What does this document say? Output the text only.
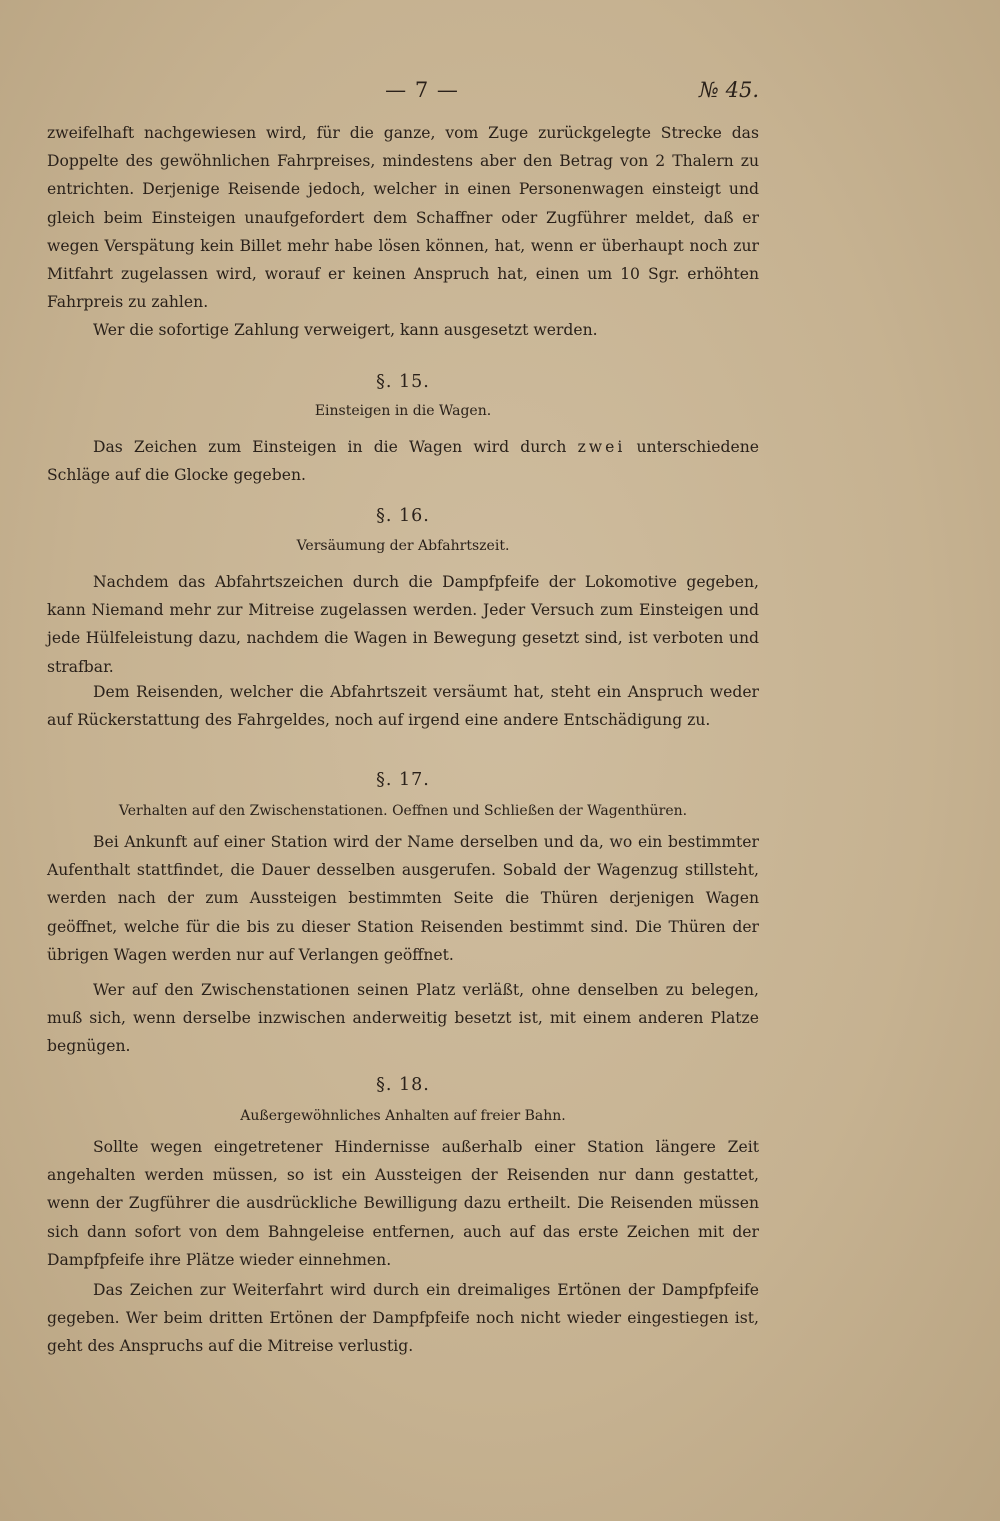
— 7 —	№ 45.

zweifelhaft nachgewiesen wird, für die ganze, vom Zuge zurückgelegte Strecke das Doppelte des gewöhnlichen Fahrpreises, mindestens aber den Betrag von 2 Thalern zu entrichten. Derjenige Reisende jedoch, welcher in einen Personenwagen einsteigt und gleich beim Einsteigen unaufgefordert dem Schaffner oder Zugführer meldet, daß er wegen Verspätung kein Billet mehr habe lösen können, hat, wenn er überhaupt noch zur Mitfahrt zugelassen wird, worauf er keinen Anspruch hat, einen um 10 Sgr. erhöhten Fahrpreis zu zahlen.

Wer die sofortige Zahlung verweigert, kann ausgesetzt werden.

§. 15.
Einsteigen in die Wagen.

Das Zeichen zum Einsteigen in die Wagen wird durch zwei unterschiedene Schläge auf die Glocke gegeben.

§. 16.
Versäumung der Abfahrtszeit.

Nachdem das Abfahrtszeichen durch die Dampfpfeife der Lokomotive gegeben, kann Niemand mehr zur Mitreise zugelassen werden. Jeder Versuch zum Einsteigen und jede Hülfeleistung dazu, nachdem die Wagen in Bewegung gesetzt sind, ist verboten und strafbar.

Dem Reisenden, welcher die Abfahrtszeit versäumt hat, steht ein Anspruch weder auf Rückerstattung des Fahrgeldes, noch auf irgend eine andere Entschädigung zu.

§. 17.
Verhalten auf den Zwischenstationen. Oeffnen und Schließen der Wagenthüren.

Bei Ankunft auf einer Station wird der Name derselben und da, wo ein bestimmter Aufenthalt stattfindet, die Dauer desselben ausgerufen. Sobald der Wagenzug stillsteht, werden nach der zum Aussteigen bestimmten Seite die Thüren derjenigen Wagen geöffnet, welche für die bis zu dieser Station Reisenden bestimmt sind. Die Thüren der übrigen Wagen werden nur auf Verlangen geöffnet.

Wer auf den Zwischenstationen seinen Platz verläßt, ohne denselben zu belegen, muß sich, wenn derselbe inzwischen anderweitig besetzt ist, mit einem anderen Platze begnügen.

§. 18.
Außergewöhnliches Anhalten auf freier Bahn.

Sollte wegen eingetretener Hindernisse außerhalb einer Station längere Zeit angehalten werden müssen, so ist ein Aussteigen der Reisenden nur dann gestattet, wenn der Zugführer die ausdrückliche Bewilligung dazu ertheilt. Die Reisenden müssen sich dann sofort von dem Bahngeleise entfernen, auch auf das erste Zeichen mit der Dampfpfeife ihre Plätze wieder einnehmen.

Das Zeichen zur Weiterfahrt wird durch ein dreimaliges Ertönen der Dampfpfeife gegeben. Wer beim dritten Ertönen der Dampfpfeife noch nicht wieder eingestiegen ist, geht des Anspruchs auf die Mitreise verlustig.
